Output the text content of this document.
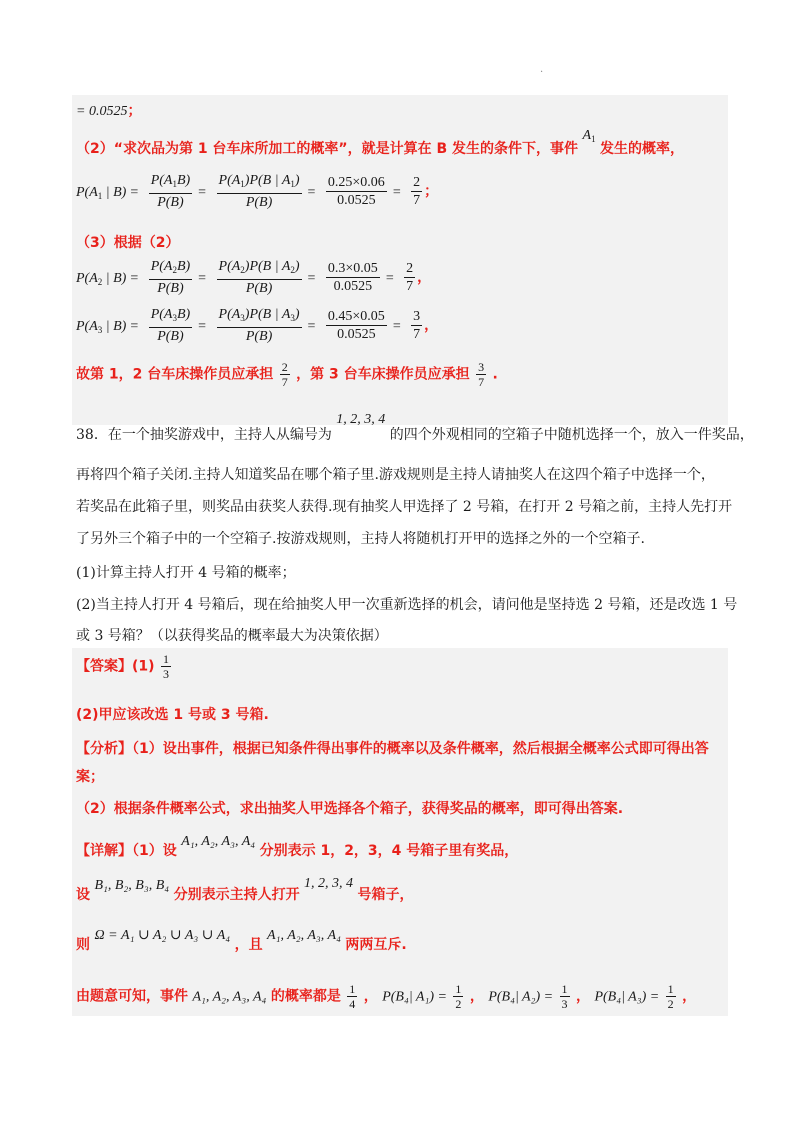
.
= 0.0525；
（2）“求次品为第 1 台车床所加工的概率”，就是计算在 B 发生的条件下，事件 $A_1$ 发生的概率，
$P(A_1$ | $B) = \frac{P(A_1B)}{P(B)} = \frac{P(A_1)P(B | A_1)}{P(B)} = \frac{0.25\times 0.06}{0.0525} = \frac{2}{7}$ ；
（3）根据（2）
$P(A_2$ | $B) = \frac{P(A_2B)}{P(B)} = \frac{P(A_2)P(B | A_2)}{P(B)} = \frac{0.3\times 0.05}{0.0525} = \frac{2}{7}$ ，
$P(A_3$ | $B) = \frac{P(A_3B)}{P(B)} = \frac{P(A_3)P(B | A_3)}{P(B)} = \frac{0.45\times 0.05}{0.0525} = \frac{3}{7}$ ，
故第 1，2 台车床操作员应承担 $\frac{2}{7}$ ，第 3 台车床操作员应承担 $\frac{3}{7}$ .
38．在一个抽奖游戏中，主持人从编号为 1, 2, 3, 4 的四个外观相同的空箱子中随机选择一个，放入一件奖品，
再将四个箱子关闭.主持人知道奖品在哪个箱子里.游戏规则是主持人请抽奖人在这四个箱子中选择一个，
若奖品在此箱子里，则奖品由获奖人获得.现有抽奖人甲选择了 2 号箱，在打开 2 号箱之前，主持人先打开
了另外三个箱子中的一个空箱子.按游戏规则，主持人将随机打开甲的选择之外的一个空箱子.
(1)计算主持人打开 4 号箱的概率；
(2)当主持人打开 4 号箱后，现在给抽奖人甲一次重新选择的机会，请问他是坚持选 2 号箱，还是改选 1 号
或 3 号箱？（以获得奖品的概率最大为决策依据）
【答案】$(1) \frac{1}{3}$
(2)甲应该改选 1 号或 3 号箱.
【分析】（1）设出事件，根据已知条件得出事件的概率以及条件概率，然后根据全概率公式即可得出答
案；
（2）根据条件概率公式，求出抽奖人甲选择各个箱子，获得奖品的概率，即可得出答案.
【详解】（1）设 A₁, A₂, A₃, A₄ 分别表示 1，2，3，4 号箱子里有奖品，
设 B₁, B₂, B₃, B₄ 分别表示主持人打开 1, 2, 3, 4 号箱子，
则 Ω = A₁ ∪ A₂ ∪ A₃ ∪ A₄ ，且 A₁, A₂, A₃, A₄ 两两互斥.
由题意可知，事件 A₁, A₂, A₃, A₄ 的概率都是 $\frac{1}{4}$ ， P(B₄| $A_1) = \frac{1}{2}$ ， P(B₄| $A_2) = \frac{1}{3}$ ， P(B₄| $A_3) = \frac{1}{2}$ ，
